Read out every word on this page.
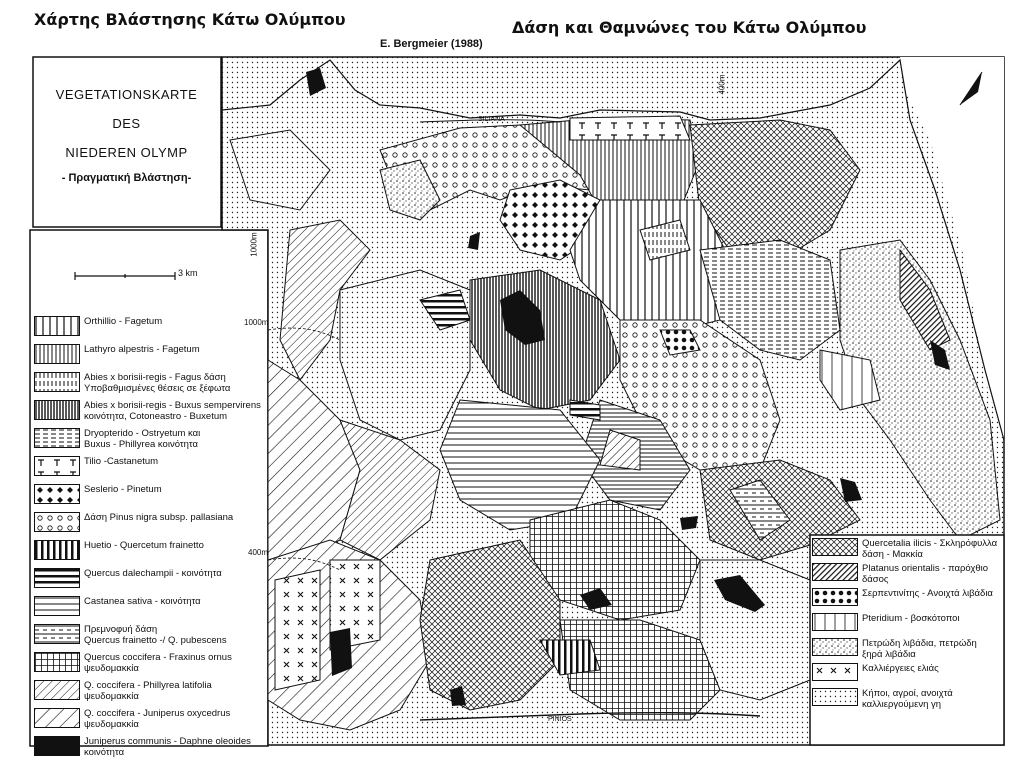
Χάρτης Βλάστησης Κάτω Ολύμπου	Δάση και Θαμνώνες του Κάτω Ολύμπου
E. Bergmeier (1988)
VEGETATIONSKARTE
DES
NIEDEREN OLYMP
- Πραγματική Βλάστηση-
3 km
SILIANA
PINIOS
1000m
1000m
400m
400m
Orthillio - Fagetum
Lathyro alpestris - Fagetum
Abies x borisii-regis - Fagus δάση
Υποβαθμισμένες θέσεις σε ξέφωτα
Abies x borisii-regis - Buxus sempervirens
κοινότητα, Cotoneastro - Buxetum
Dryopterido - Ostryetum και
Buxus - Phillyrea κοινότητα
Tilio -Castanetum
Seslerio - Pinetum
Δάση Pinus nigra subsp. pallasiana
Huetio - Quercetum frainetto
Quercus dalechampii - κοινότητα
Castanea sativa - κοινότητα
Πρεμνοφυή δάση
Quercus frainetto -/ Q. pubescens
Quercus coccifera - Fraxinus ornus
ψευδομακκία
Q. coccifera - Phillyrea latifolia
ψευδομακκία
Q. coccifera - Juniperus oxycedrus
ψευδομακκία
Juniperus communis - Daphne oleoides
κοινότητα
Quercetalia ilicis - Σκληρόφυλλα
δάση - Μακκία
Platanus orientalis - παρόχθιο
δάσος
Σερπεντινίτης - Ανοιχτά λιβάδια
Pteridium - βοσκότοποι
Πετρώδη λιβάδια, πετρώδη
ξηρά λιβάδια
Καλλιέργειες ελιάς
Κήποι, αγροί, ανοιχτά
καλλιεργούμενη γη
